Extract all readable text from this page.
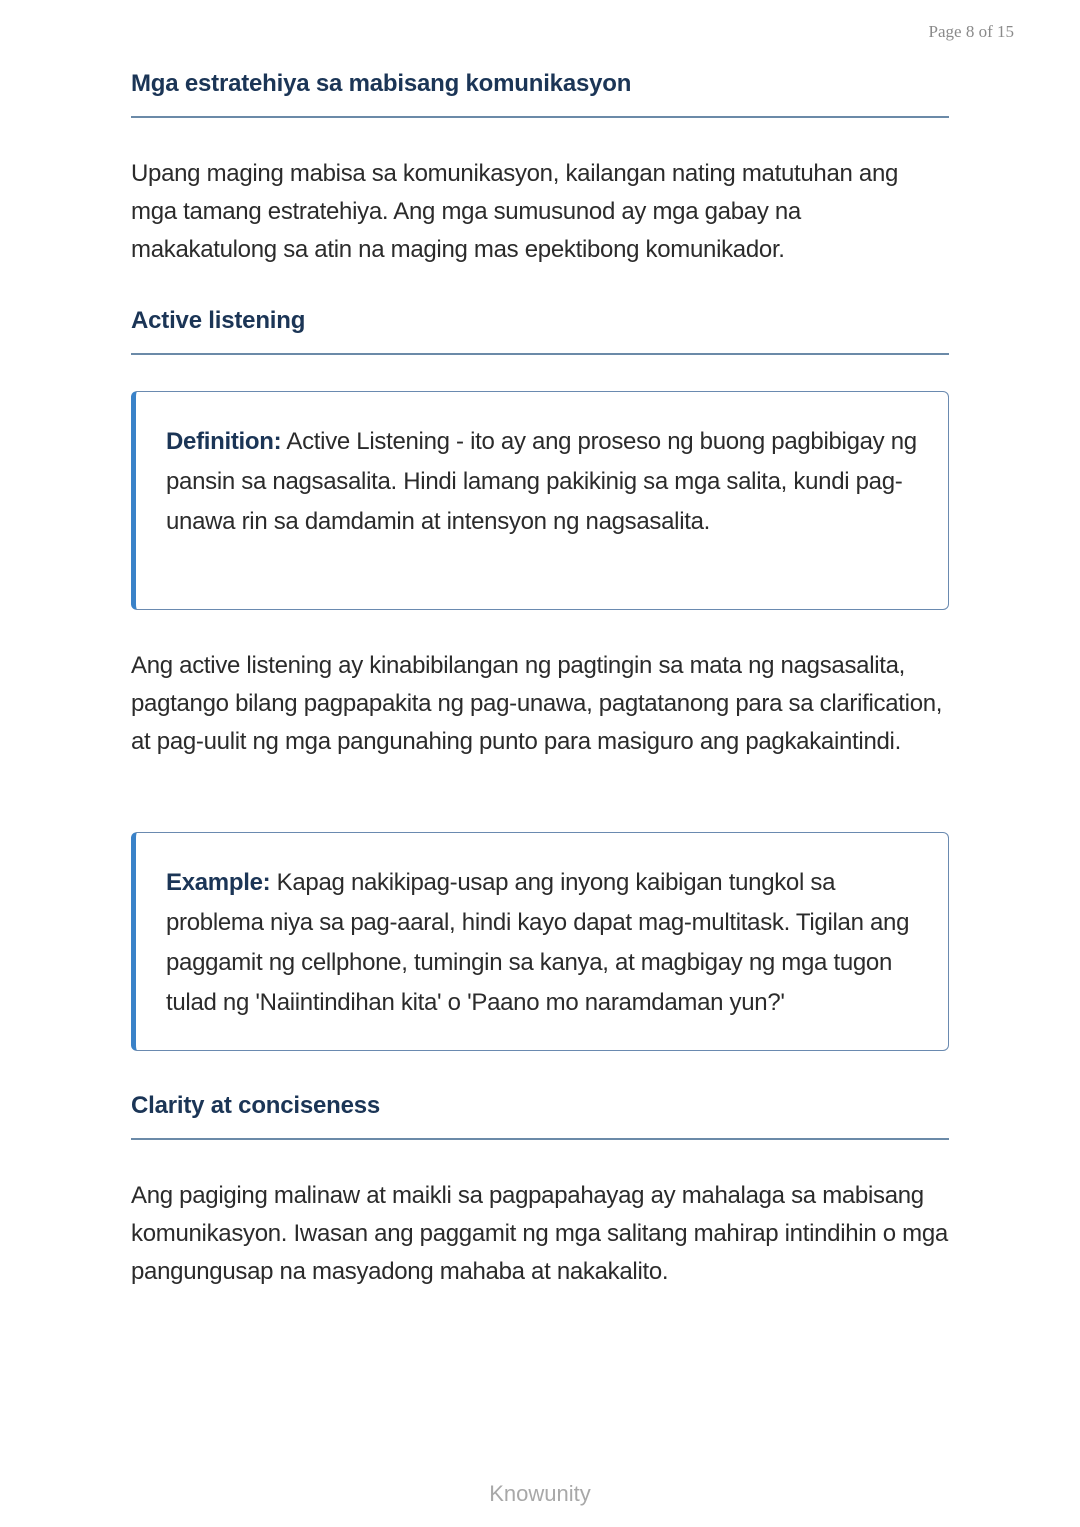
Page 8 of 15
Mga estratehiya sa mabisang komunikasyon
Upang maging mabisa sa komunikasyon, kailangan nating matutuhan ang mga tamang estratehiya. Ang mga sumusunod ay mga gabay na makakatulong sa atin na maging mas epektibong komunikador.
Active listening
Definition: Active Listening - ito ay ang proseso ng buong pagbibigay ng pansin sa nagsasalita. Hindi lamang pakikinig sa mga salita, kundi pag-unawa rin sa damdamin at intensyon ng nagsasalita.
Ang active listening ay kinabibilangan ng pagtingin sa mata ng nagsasalita, pagtango bilang pagpapakita ng pag-unawa, pagtatanong para sa clarification, at pag-uulit ng mga pangunahing punto para masiguro ang pagkakaintindi.
Example: Kapag nakikipag-usap ang inyong kaibigan tungkol sa problema niya sa pag-aaral, hindi kayo dapat mag-multitask. Tigilan ang paggamit ng cellphone, tumingin sa kanya, at magbigay ng mga tugon tulad ng 'Naiintindihan kita' o 'Paano mo naramdaman yun?'
Clarity at conciseness
Ang pagiging malinaw at maikli sa pagpapahayag ay mahalaga sa mabisang komunikasyon. Iwasan ang paggamit ng mga salitang mahirap intindihin o mga pangungusap na masyadong mahaba at nakakalito.
Knowunity
